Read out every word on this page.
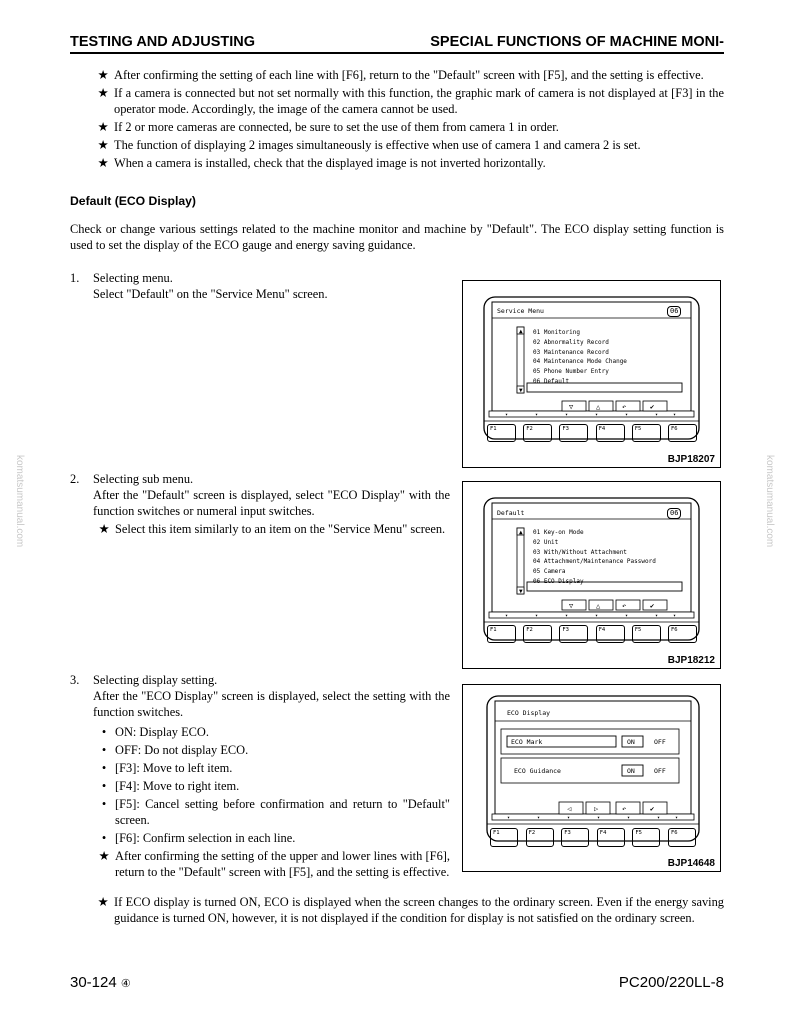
TESTING AND ADJUSTING	SPECIAL FUNCTIONS OF MACHINE MONI-
komatsumanual.com	komatsumanual.com
★ After confirming the setting of each line with [F6], return to the "Default" screen with [F5], and the setting is effective.
★ If a camera is connected but not set normally with this function, the graphic mark of camera is not displayed at [F3] in the operator mode. Accordingly, the image of the camera cannot be used.
★ If 2 or more cameras are connected, be sure to set the use of them from camera 1 in order.
★ The function of displaying 2 images simultaneously is effective when use of camera 1 and camera 2 is set.
★ When a camera is installed, check that the displayed image is not inverted horizontally.
Default (ECO Display)
Check or change various settings related to the machine monitor and machine by "Default". The ECO display setting function is used to set the display of the ECO gauge and energy saving guidance.
1.	Selecting menu.
Select "Default" on the "Service Menu" screen.
2.	Selecting sub menu.
After the "Default" screen is displayed, select "ECO Display" with the function switches or numeral input switches.
★ Select this item similarly to an item on the "Service Menu" screen.
3.	Selecting display setting.
After the "ECO Display" screen is displayed, select the setting with the function switches.
• ON: Display ECO.
• OFF: Do not display ECO.
• [F3]: Move to left item.
• [F4]: Move to right item.
• [F5]: Cancel setting before confirmation and return to "Default" screen.
• [F6]: Confirm selection in each line.
★ After confirming the setting of the upper and lower lines with [F6], return to the "Default" screen with [F5], and the setting is effective.
★ If ECO display is turned ON, ECO is displayed when the screen changes to the ordinary screen. Even if the energy saving guidance is turned ON, however, it is not displayed if the condition for display is not satisfied on the ordinary screen.
▲
▼
▽	△	↶	✔
▾	▾	▾	▾	▾	▾	▾
Service Menu	06
01 Monitoring
02 Abnormality Record
03 Maintenance Record
04 Maintenance Mode Change
05 Phone Number Entry
06 Default
F1	F2	F3	F4	F5	F6
BJP18207
▲
▼
▽	△	↶	✔
▾	▾	▾	▾	▾	▾	▾
Default	06
01 Key-on Mode
02 Unit
03 With/Without Attachment
04 Attachment/Maintenance Password
05 Camera
06 ECO Display
F1	F2	F3	F4	F5	F6
BJP18212
◁	▷	↶	✔
▾	▾	▾	▾	▾	▾	▾
ECO Display
ECO Mark	ON	OFF
ECO Guidance	ON	OFF
F1	F2	F3	F4	F5	F6
BJP14648
30-124 ④	PC200/220LL-8
